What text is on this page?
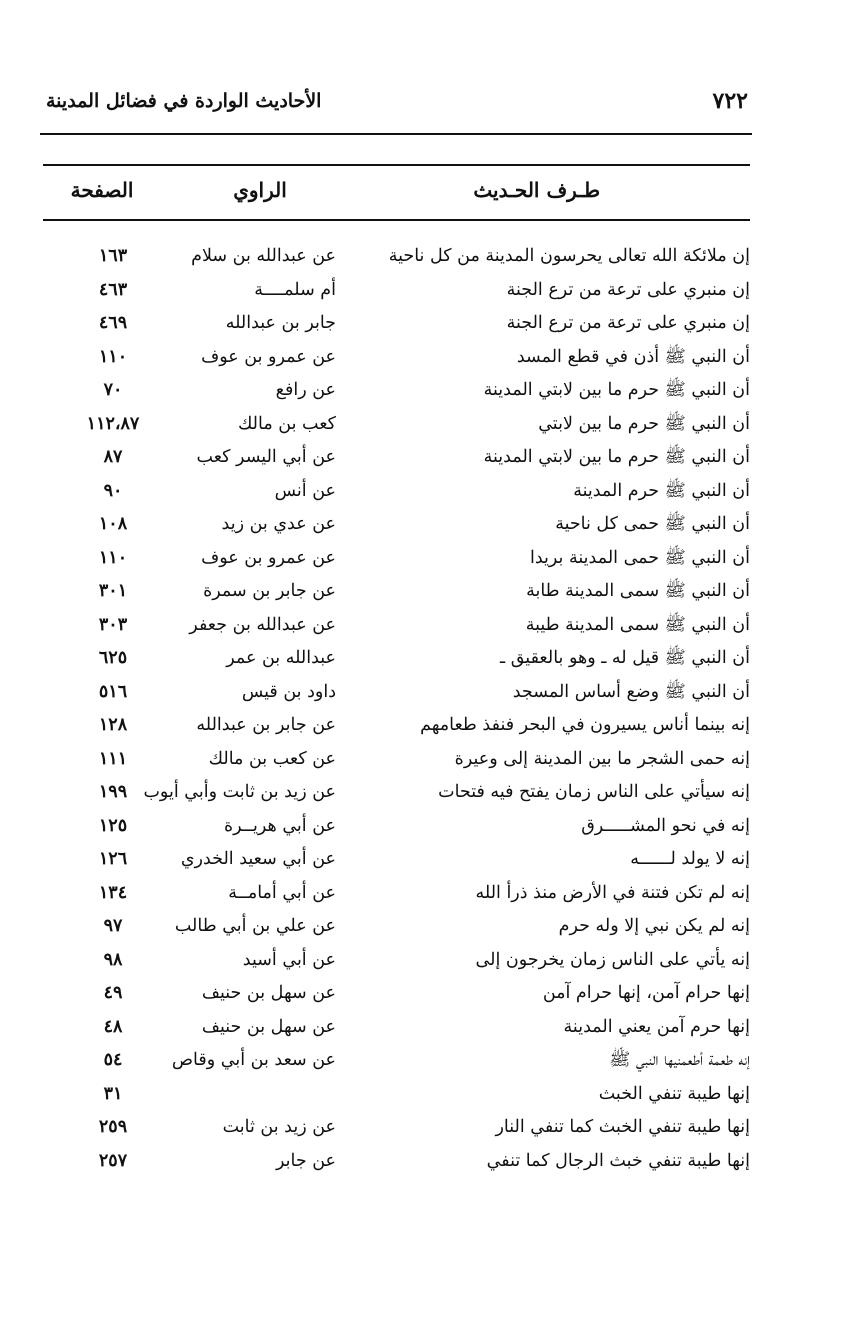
٧٢٢
الأحاديث الواردة في فضائل المدينة
طـرف الحـديث
الراوي
الصفحة
إن ملائكة الله تعالى يحرسون المدينة من كل ناحية
عن عبدالله بن سلام
١٦٣
إن منبري على ترعة من ترع الجنة
أم سلمــــة
٤٦٣
إن منبري على ترعة من ترع الجنة
جابر بن عبدالله
٤٦٩
أن النبي ﷺ أذن في قطع المسد
عن عمرو بن عوف
١١٠
أن النبي ﷺ حرم ما بين لابتي المدينة
عن رافع
٧٠
أن النبي ﷺ حرم ما بين لابتي
كعب بن مالك
١١٢،٨٧
أن النبي ﷺ حرم ما بين لابتي المدينة
عن أبي اليسر كعب
٨٧
أن النبي ﷺ حرم المدينة
عن أنس
٩٠
أن النبي ﷺ حمى كل ناحية
عن عدي بن زيد
١٠٨
أن النبي ﷺ حمى المدينة بريدا
عن عمرو بن عوف
١١٠
أن النبي ﷺ سمى المدينة طابة
عن جابر بن سمرة
٣٠١
أن النبي ﷺ سمى المدينة طيبة
عن عبدالله بن جعفر
٣٠٣
أن النبي ﷺ قيل له ـ وهو بالعقيق ـ
عبدالله بن عمر
٦٢٥
أن النبي ﷺ وضع أساس المسجد
داود بن قيس
٥١٦
إنه بينما أناس يسيرون في البحر فنفذ طعامهم
عن جابر بن عبدالله
١٢٨
إنه حمى الشجر ما بين المدينة إلى وعيرة
عن كعب بن مالك
١١١
إنه سيأتي على الناس زمان يفتح فيه فتحات
عن زيد بن ثابت وأبي أيوب
١٩٩
إنه في نحو المشـــــرق
عن أبي هريــرة
١٢٥
إنه لا يولد لــــــه
عن أبي سعيد الخدري
١٢٦
إنه لم تكن فتنة في الأرض منذ ذرأ الله
عن أبي أمامــة
١٣٤
إنه لم يكن نبي إلا وله حرم
عن علي بن أبي طالب
٩٧
إنه يأتي على الناس زمان يخرجون إلى
عن أبي أسيد
٩٨
إنها حرام آمن، إنها حرام آمن
عن سهل بن حنيف
٤٩
إنها حرم آمن يعني المدينة
عن سهل بن حنيف
٤٨
إنه طعمة أطعمنيها النبي ﷺ
عن سعد بن أبي وقاص
٥٤
إنها طيبة تنفي الخبث
٣١
إنها طيبة تنفي الخبث كما تنفي النار
عن زيد بن ثابت
٢٥٩
إنها طيبة تنفي خبث الرجال كما تنفي
عن جابر
٢٥٧
